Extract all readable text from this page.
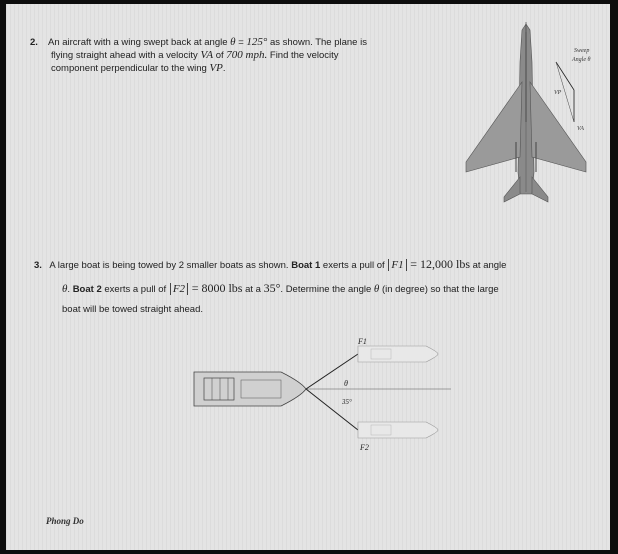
2. An aircraft with a wing swept back at angle θ = 125° as shown. The plane is
flying straight ahead with a velocity VA of 700 mph. Find the velocity
component perpendicular to the wing VP.
Sweep
Angle θ
VP
VA
3. A large boat is being towed by 2 smaller boats as shown. Boat 1 exerts a pull of F1 = 12,000 lbs at angle
θ. Boat 2 exerts a pull of F2 = 8000 lbs at a 35°. Determine the angle θ (in degree) so that the large
boat will be towed straight ahead.
F1
θ
35°
F2
Phong Do
